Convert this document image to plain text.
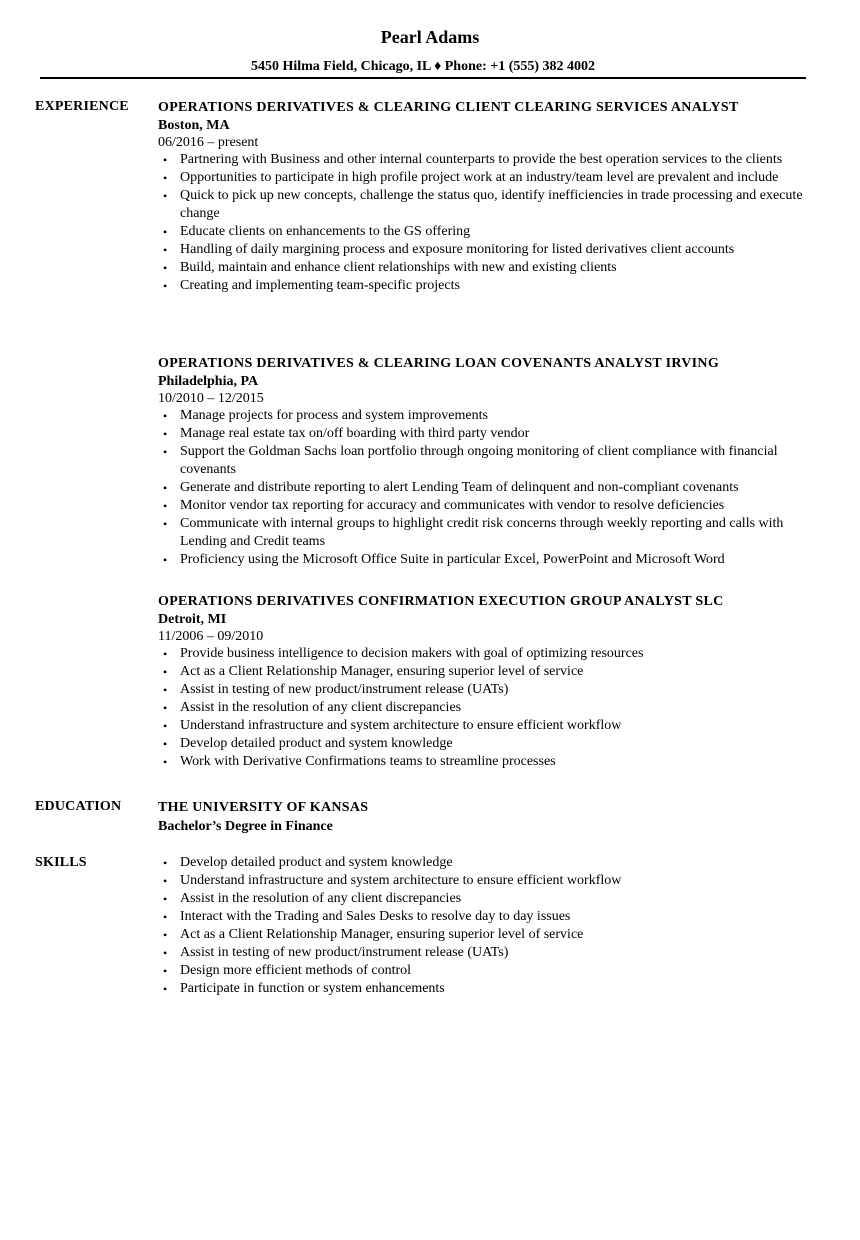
Pearl Adams
5450 Hilma Field, Chicago, IL ♦ Phone: +1 (555) 382 4002
EXPERIENCE OPERATIONS DERIVATIVES & CLEARING CLIENT CLEARING SERVICES ANALYST
Boston, MA
06/2016 – present
• Partnering with Business and other internal counterparts to provide the best operation services to the clients
• Opportunities to participate in high profile project work at an industry/team level are prevalent and include
• Quick to pick up new concepts, challenge the status quo, identify inefficiencies in trade processing and execute change
• Educate clients on enhancements to the GS offering
• Handling of daily margining process and exposure monitoring for listed derivatives client accounts
• Build, maintain and enhance client relationships with new and existing clients
• Creating and implementing team-specific projects
OPERATIONS DERIVATIVES & CLEARING LOAN COVENANTS ANALYST IRVING
Philadelphia, PA
10/2010 – 12/2015
• Manage projects for process and system improvements
• Manage real estate tax on/off boarding with third party vendor
• Support the Goldman Sachs loan portfolio through ongoing monitoring of client compliance with financial covenants
• Generate and distribute reporting to alert Lending Team of delinquent and non-compliant covenants
• Monitor vendor tax reporting for accuracy and communicates with vendor to resolve deficiencies
• Communicate with internal groups to highlight credit risk concerns through weekly reporting and calls with Lending and Credit teams
• Proficiency using the Microsoft Office Suite in particular Excel, PowerPoint and Microsoft Word
OPERATIONS DERIVATIVES CONFIRMATION EXECUTION GROUP ANALYST SLC
Detroit, MI
11/2006 – 09/2010
• Provide business intelligence to decision makers with goal of optimizing resources
• Act as a Client Relationship Manager, ensuring superior level of service
• Assist in testing of new product/instrument release (UATs)
• Assist in the resolution of any client discrepancies
• Understand infrastructure and system architecture to ensure efficient workflow
• Develop detailed product and system knowledge
• Work with Derivative Confirmations teams to streamline processes
EDUCATION	THE UNIVERSITY OF KANSAS
Bachelor’s Degree in Finance
SKILLS	• Develop detailed product and system knowledge
• Understand infrastructure and system architecture to ensure efficient workflow
• Assist in the resolution of any client discrepancies
• Interact with the Trading and Sales Desks to resolve day to day issues
• Act as a Client Relationship Manager, ensuring superior level of service
• Assist in testing of new product/instrument release (UATs)
• Design more efficient methods of control
• Participate in function or system enhancements
